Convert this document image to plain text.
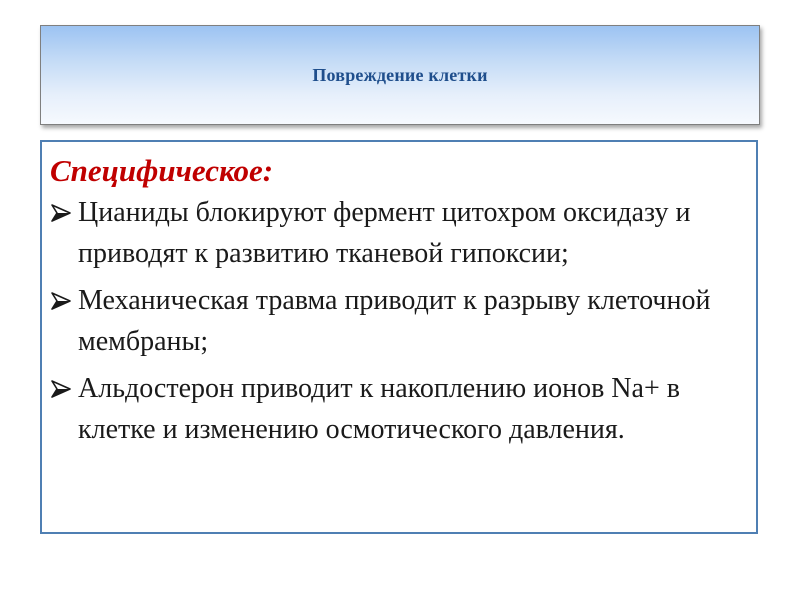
Повреждение клетки
Специфическое:
Цианиды блокируют фермент цитохром оксидазу и приводят к развитию тканевой гипоксии;
Механическая травма приводит к разрыву клеточной мембраны;
Альдостерон приводит к накоплению ионов Na+ в клетке и изменению осмотического давления.
